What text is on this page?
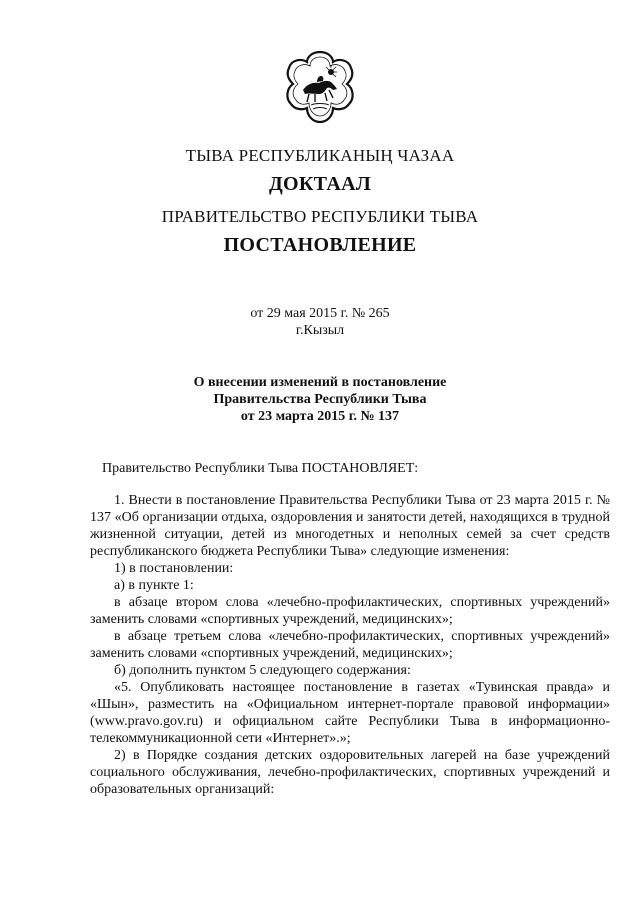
ТЫВА РЕСПУБЛИКАНЫҢ ЧАЗАА
ДОКТААЛ
ПРАВИТЕЛЬСТВО РЕСПУБЛИКИ ТЫВА
ПОСТАНОВЛЕНИЕ
от 29 мая 2015 г. № 265
г.Кызыл
О внесении изменений в постановление
Правительства Республики Тыва
от 23 марта 2015 г. № 137
Правительство Республики Тыва ПОСТАНОВЛЯЕТ:

1. Внести в постановление Правительства Республики Тыва от 23 марта 2015 г. № 137 «Об организации отдыха, оздоровления и занятости детей, находящихся в трудной жизненной ситуации, детей из многодетных и неполных семей за счет средств республиканского бюджета Республики Тыва» следующие изменения:

1) в постановлении:

а) в пункте 1:

в абзаце втором слова «лечебно-профилактических, спортивных учреждений» заменить словами «спортивных учреждений, медицинских»;

в абзаце третьем слова «лечебно-профилактических, спортивных учреждений» заменить словами «спортивных учреждений, медицинских»;

б) дополнить пунктом 5 следующего содержания:

«5. Опубликовать настоящее постановление в газетах «Тувинская правда» и «Шын», разместить на «Официальном интернет-портале правовой информации» (www.pravo.gov.ru) и официальном сайте Республики Тыва в информационно-телекоммуникационной сети «Интернет».»;

2) в Порядке создания детских оздоровительных лагерей на базе учреждений социального обслуживания, лечебно-профилактических, спортивных учреждений и образовательных организаций:
